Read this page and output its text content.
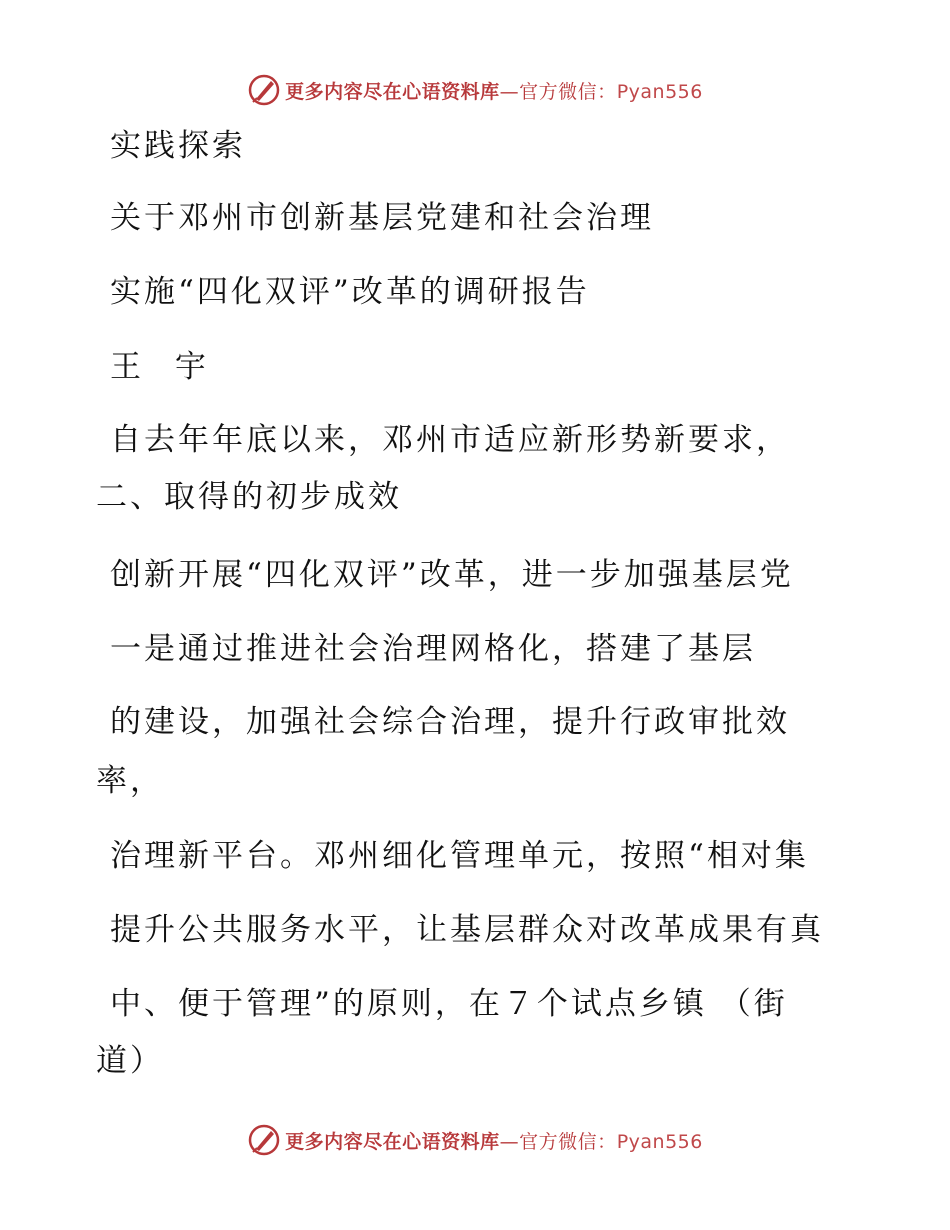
更多内容尽在心语资料库—官方微信：Pyan556
实践探索
关于邓州市创新基层党建和社会治理
实施“四化双评”改革的调研报告
王 宇
自去年年底以来，邓州市适应新形势新要求，
二、取得的初步成效
创新开展“四化双评”改革，进一步加强基层党
一是通过推进社会治理网格化，搭建了基层
的建设，加强社会综合治理，提升行政审批效
率，
治理新平台。邓州细化管理单元，按照“相对集
提升公共服务水平，让基层群众对改革成果有真
中、便于管理”的原则，在７个试点乡镇 （街
道）
更多内容尽在心语资料库—官方微信：Pyan556
